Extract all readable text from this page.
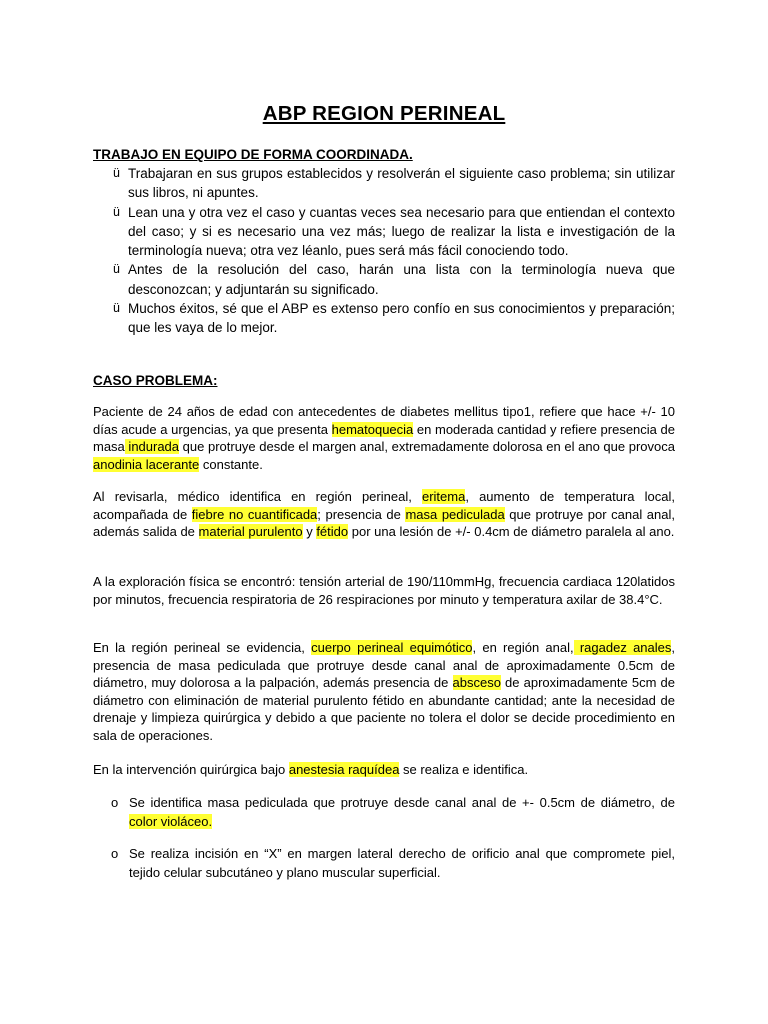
ABP REGION PERINEAL
TRABAJO EN EQUIPO DE FORMA COORDINADA.
ü Trabajaran en sus grupos establecidos y resolverán el siguiente caso problema; sin utilizar sus libros, ni apuntes.
ü Lean una y otra vez el caso y cuantas veces sea necesario para que entiendan el contexto del caso; y si es necesario una vez más; luego de realizar la lista e investigación de la terminología nueva; otra vez léanlo, pues será más fácil conociendo todo.
ü Antes de la resolución del caso, harán una lista con la terminología nueva que desconozcan; y adjuntarán su significado.
ü Muchos éxitos, sé que el ABP es extenso pero confío en sus conocimientos y preparación; que les vaya de lo mejor.
CASO PROBLEMA:

Paciente de 24 años de edad con antecedentes de diabetes mellitus tipo1, refiere que hace +/- 10 días acude a urgencias, ya que presenta hematoquecia en moderada cantidad y refiere presencia de masa indurada que protruye desde el margen anal, extremadamente dolorosa en el ano que provoca anodinia lacerante constante.

Al revisarla, médico identifica en región perineal, eritema, aumento de temperatura local, acompañada de fiebre no cuantificada; presencia de masa pediculada que protruye por canal anal, además salida de material purulento y fétido por una lesión de +/- 0.4cm de diámetro paralela al ano.

A la exploración física se encontró: tensión arterial de 190/110mmHg, frecuencia cardiaca 120latidos por minutos, frecuencia respiratoria de 26 respiraciones por minuto y temperatura axilar de 38.4°C.

En la región perineal se evidencia, cuerpo perineal equimótico, en región anal, ragadez anales, presencia de masa pediculada que protruye desde canal anal de aproximadamente 0.5cm de diámetro, muy dolorosa a la palpación, además presencia de absceso de aproximadamente 5cm de diámetro con eliminación de material purulento fétido en abundante cantidad; ante la necesidad de drenaje y limpieza quirúrgica y debido a que paciente no tolera el dolor se decide procedimiento en sala de operaciones.

En la intervención quirúrgica bajo anestesia raquídea se realiza e identifica.

o Se identifica masa pediculada que protruye desde canal anal de +- 0.5cm de diámetro, de color violáceo.
o Se realiza incisión en “X” en margen lateral derecho de orificio anal que compromete piel, tejido celular subcutáneo y plano muscular superficial.
